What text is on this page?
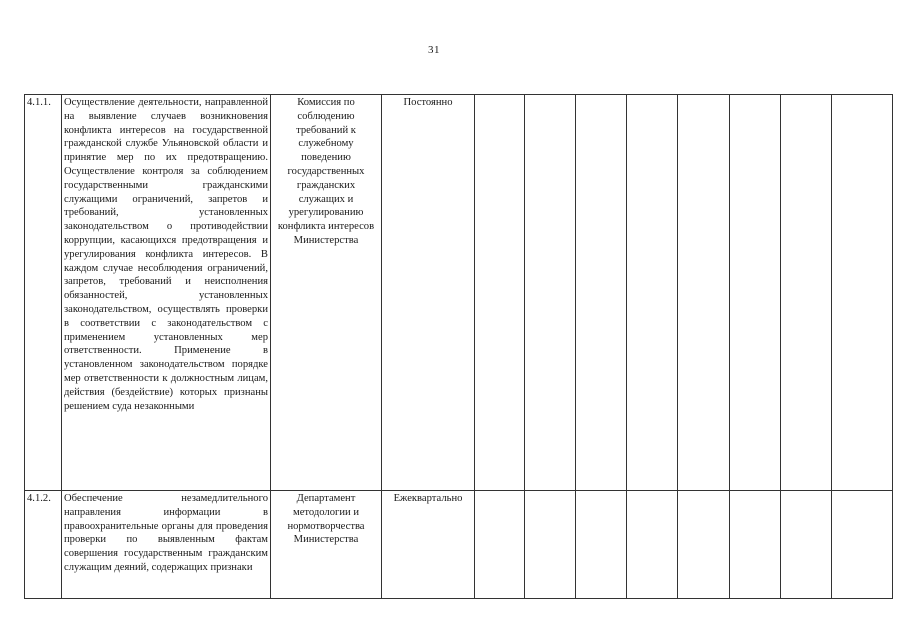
31
4.1.1.	Осуществление деятельности, направленной на выявление случаев возникновения конфликта интересов на государственной гражданской службе Ульяновской области и принятие мер по их предотвращению. Осуществление контроля за соблюдением государственными гражданскими служащими ограничений, запретов и требований, установленных законодательством о противодействии коррупции, касающихся предотвращения и урегулирования конфликта интересов. В каждом случае несоблюдения ограничений, запретов, требований и неисполнения обязанностей, установленных законодательством, осуществлять проверки в соответствии с законодательством с применением установленных мер ответственности. Применение в установленном законодательством порядке мер ответственности к должностным лицам, действия (бездействие) которых признаны решением суда незаконными	Комиссия по соблюдению требований к служебному поведению государственных гражданских служащих и урегулированию конфликта интересов Министерства	Постоянно								
4.1.2.	Обеспечение незамедлительного направления информации в правоохранительные органы для проведения проверки по выявленным фактам совершения государственным гражданским служащим деяний, содержащих признаки	Департамент методологии и нормотворчества Министерства	Ежеквартально								
